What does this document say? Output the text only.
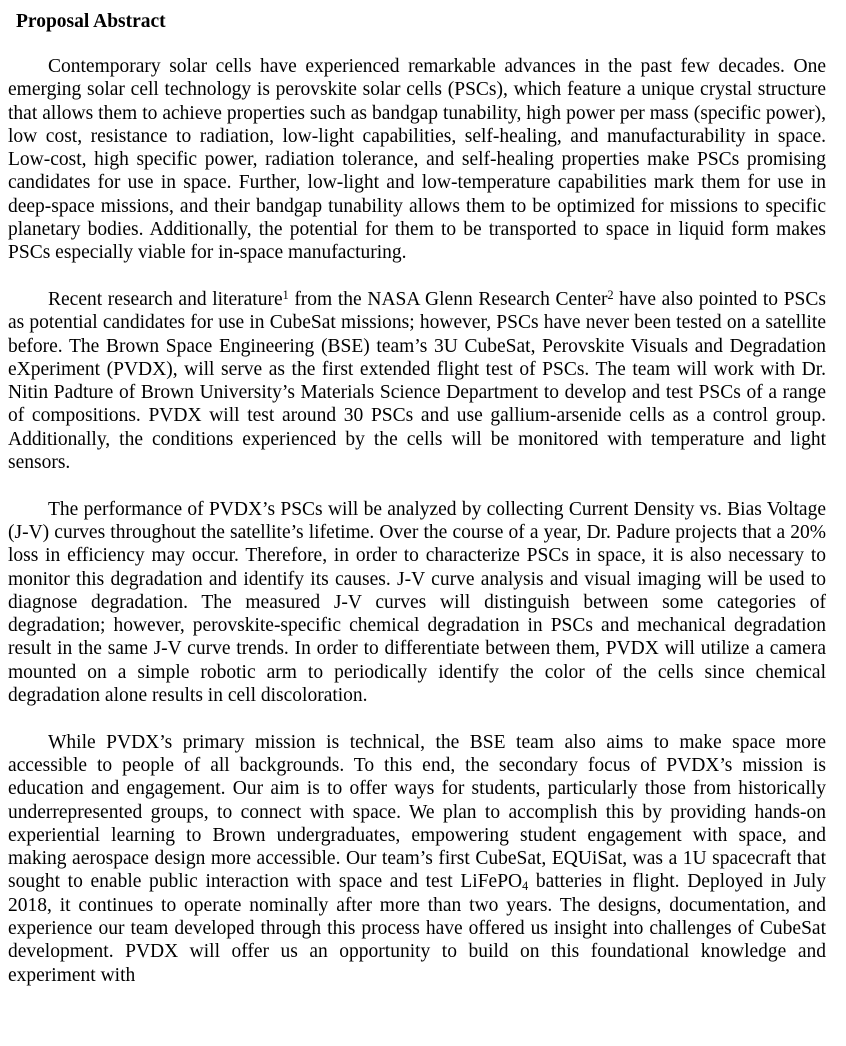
Proposal Abstract

Contemporary solar cells have experienced remarkable advances in the past few decades. One emerging solar cell technology is perovskite solar cells (PSCs), which feature a unique crystal structure that allows them to achieve properties such as bandgap tunability, high power per mass (specific power), low cost, resistance to radiation, low-light capabilities, self-healing, and manufacturability in space. Low-cost, high specific power, radiation tolerance, and self-healing properties make PSCs promising candidates for use in space. Further, low-light and low-temperature capabilities mark them for use in deep-space missions, and their bandgap tunability allows them to be optimized for missions to specific planetary bodies. Additionally, the potential for them to be transported to space in liquid form makes PSCs especially viable for in-space manufacturing.

Recent research and literature$^1$ from the NASA Glenn Research Center$^2$ have also pointed to PSCs as potential candidates for use in CubeSat missions; however, PSCs have never been tested on a satellite before. The Brown Space Engineering (BSE) team’s 3U CubeSat, Perovskite Visuals and Degradation eXperiment (PVDX), will serve as the first extended flight test of PSCs. The team will work with Dr. Nitin Padture of Brown University’s Materials Science Department to develop and test PSCs of a range of compositions. PVDX will test around 30 PSCs and use gallium-arsenide cells as a control group. Additionally, the conditions experienced by the cells will be monitored with temperature and light sensors.

The performance of PVDX’s PSCs will be analyzed by collecting Current Density vs. Bias Voltage (J-V) curves throughout the satellite’s lifetime. Over the course of a year, Dr. Padure projects that a 20% loss in efficiency may occur. Therefore, in order to characterize PSCs in space, it is also necessary to monitor this degradation and identify its causes. J-V curve analysis and visual imaging will be used to diagnose degradation. The measured J-V curves will distinguish between some categories of degradation; however, perovskite-specific chemical degradation in PSCs and mechanical degradation result in the same J-V curve trends. In order to differentiate between them, PVDX will utilize a camera mounted on a simple robotic arm to periodically identify the color of the cells since chemical degradation alone results in cell discoloration.

While PVDX’s primary mission is technical, the BSE team also aims to make space more accessible to people of all backgrounds. To this end, the secondary focus of PVDX’s mission is education and engagement. Our aim is to offer ways for students, particularly those from historically underrepresented groups, to connect with space. We plan to accomplish this by providing hands-on experiential learning to Brown undergraduates, empowering student engagement with space, and making aerospace design more accessible. Our team’s first CubeSat, EQUiSat, was a 1U spacecraft that sought to enable public interaction with space and test LiFePO4 batteries in flight. Deployed in July 2018, it continues to operate nominally after more than two years. The designs, documentation, and experience our team developed through this process have offered us insight into challenges of CubeSat development. PVDX will offer us an opportunity to build on this foundational knowledge and experiment with
